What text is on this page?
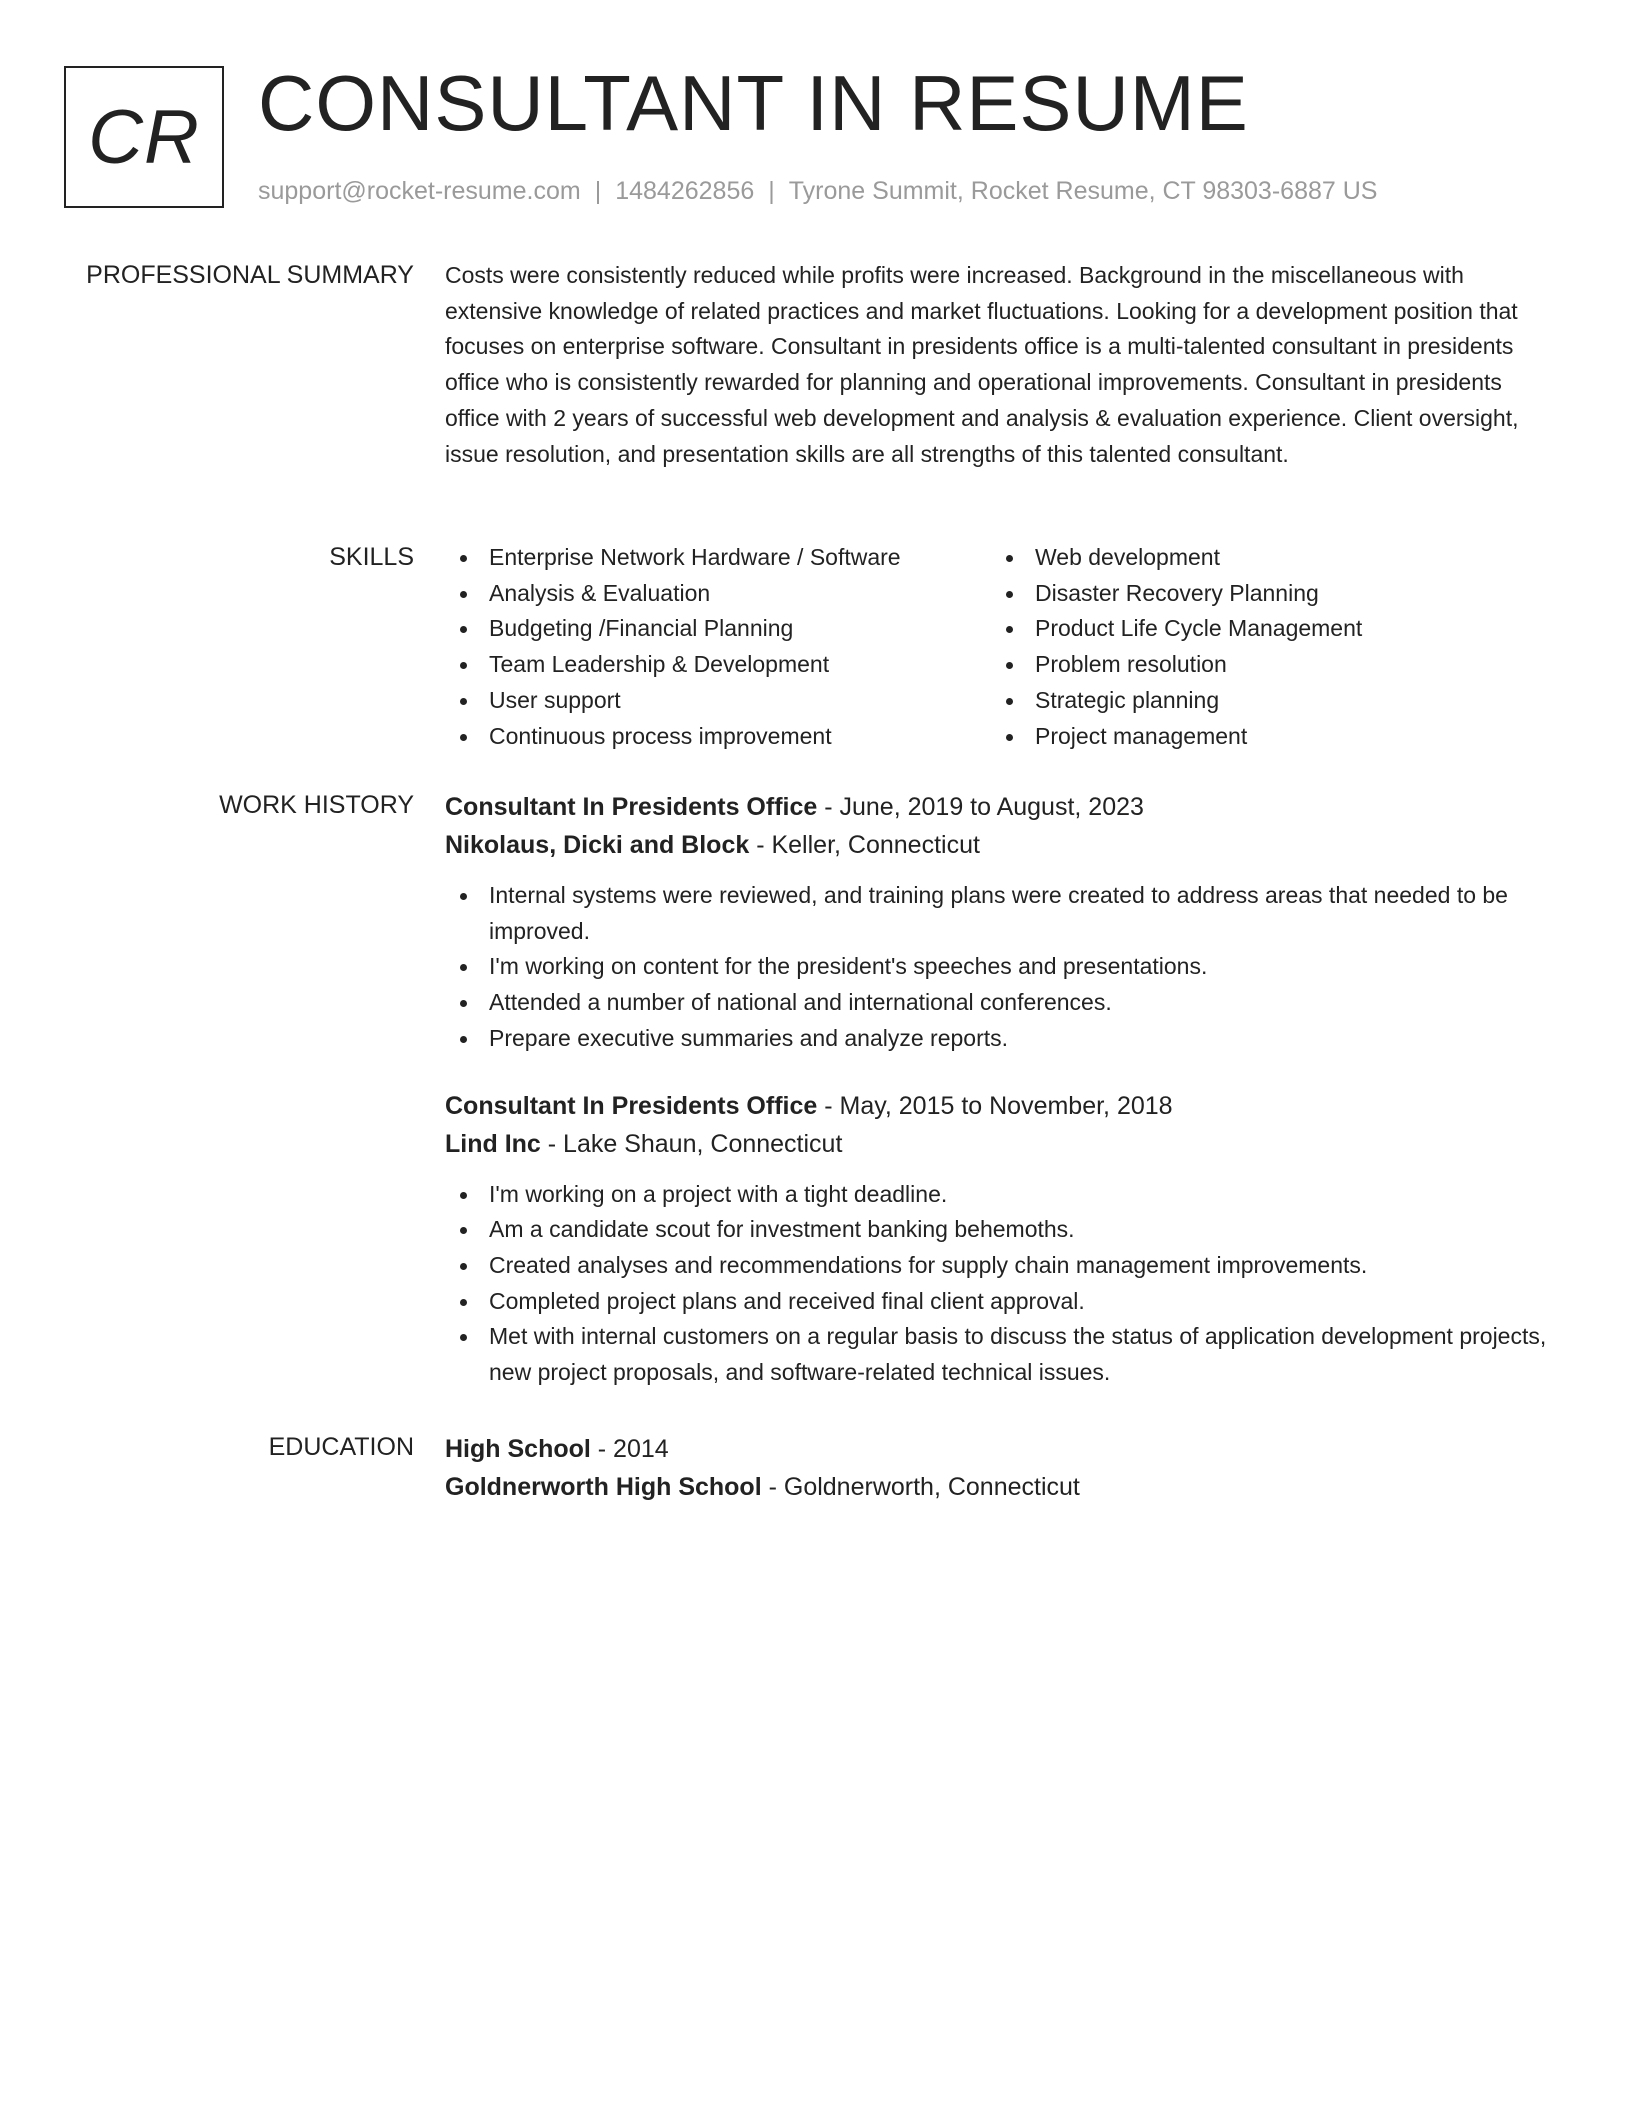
CR CONSULTANT IN RESUME
support@rocket-resume.com | 1484262856 | Tyrone Summit, Rocket Resume, CT 98303-6887 US
PROFESSIONAL SUMMARY Costs were consistently reduced while profits were increased. Background in the miscellaneous with extensive knowledge of related practices and market fluctuations. Looking for a development position that focuses on enterprise software. Consultant in presidents office is a multi-talented consultant in presidents office who is consistently rewarded for planning and operational improvements. Consultant in presidents office with 2 years of successful web development and analysis & evaluation experience. Client oversight, issue resolution, and presentation skills are all strengths of this talented consultant.

SKILLS	Enterprise Network Hardware / Software
Analysis & Evaluation
Budgeting /Financial Planning
Team Leadership & Development
User support
Continuous process improvement
Web development
Disaster Recovery Planning
Product Life Cycle Management
Problem resolution
Strategic planning
Project management
WORK HISTORY Consultant In Presidents Office - June, 2019 to August, 2023
Nikolaus, Dicki and Block - Keller, Connecticut
Internal systems were reviewed, and training plans were created to address areas that needed to be improved.
I'm working on content for the president's speeches and presentations.
Attended a number of national and international conferences.
Prepare executive summaries and analyze reports.
Consultant In Presidents Office - May, 2015 to November, 2018
Lind Inc - Lake Shaun, Connecticut
I'm working on a project with a tight deadline.
Am a candidate scout for investment banking behemoths.
Created analyses and recommendations for supply chain management improvements.
Completed project plans and received final client approval.
Met with internal customers on a regular basis to discuss the status of application development projects, new project proposals, and software-related technical issues.
EDUCATION High School - 2014
Goldnerworth High School - Goldnerworth, Connecticut
